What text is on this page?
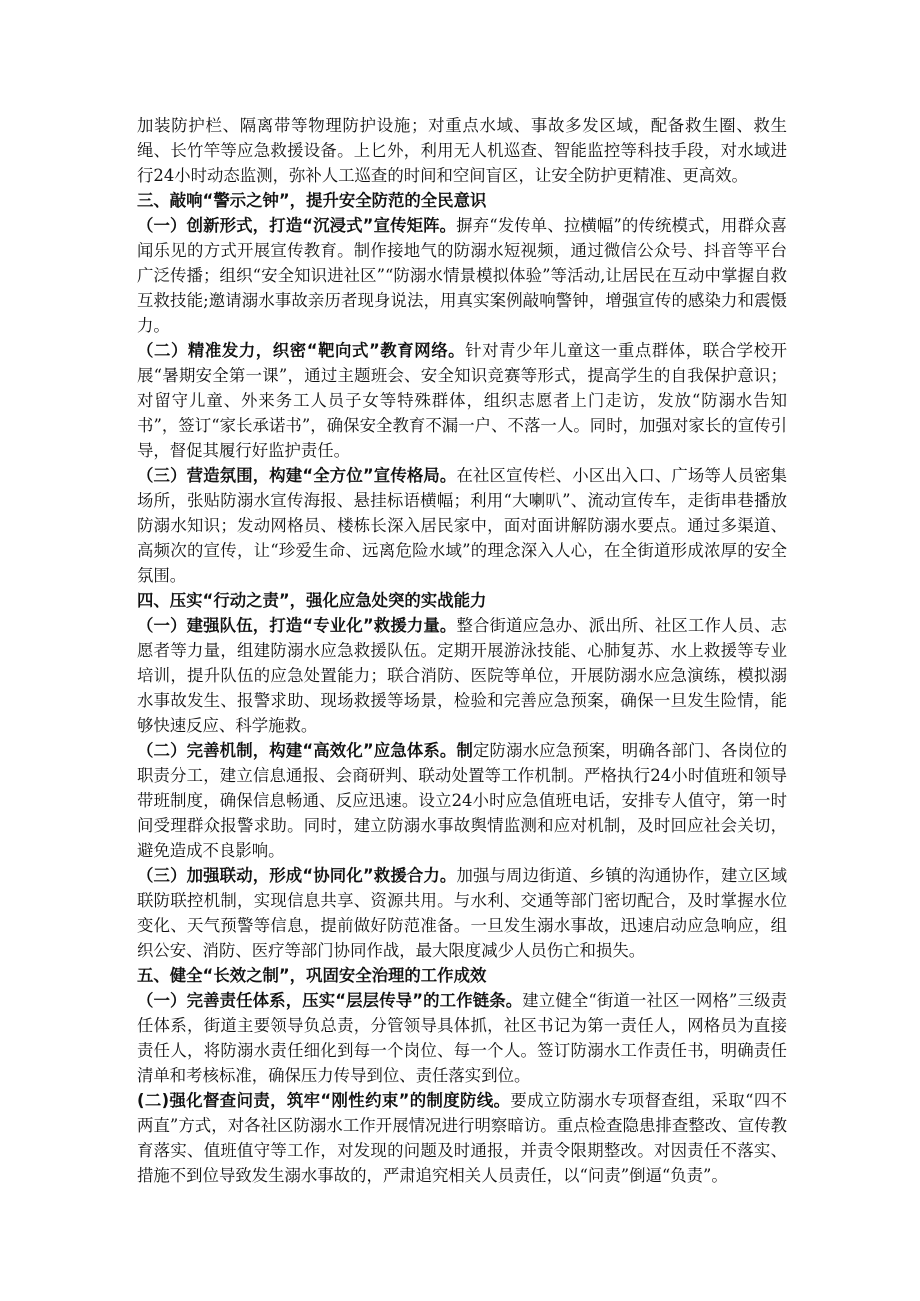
加装防护栏、隔离带等物理防护设施；对重点水域、事故多发区域，配备救生圈、救生绳、长竹竿等应急救援设备。上匕外，利用无人机巡查、智能监控等科技手段，对水域进行24小时动态监测，弥补人工巡查的时间和空间盲区，让安全防护更精准、更高效。

三、敲响“警示之钟”，提升安全防范的全民意识

（一）创新形式，打造“沉浸式”宣传矩阵。摒弃“发传单、拉横幅”的传统模式，用群众喜闻乐见的方式开展宣传教育。制作接地气的防溺水短视频，通过微信公众号、抖音等平台广泛传播；组织“安全知识进社区”“防溺水情景模拟体验”等活动,让居民在互动中掌握自救互救技能;邀请溺水事故亲历者现身说法，用真实案例敲响警钟，增强宣传的感染力和震慑力。

（二）精准发力，织密“靶向式”教育网络。针对青少年儿童这一重点群体，联合学校开展“暑期安全第一课”，通过主题班会、安全知识竞赛等形式，提高学生的自我保护意识；对留守儿童、外来务工人员子女等特殊群体，组织志愿者上门走访，发放“防溺水告知书”，签订“家长承诺书”，确保安全教育不漏一户、不落一人。同时，加强对家长的宣传引导，督促其履行好监护责任。

（三）营造氛围，构建“全方位”宣传格局。在社区宣传栏、小区出入口、广场等人员密集场所，张贴防溺水宣传海报、悬挂标语横幅；利用“大喇叭”、流动宣传车，走街串巷播放防溺水知识；发动网格员、楼栋长深入居民家中，面对面讲解防溺水要点。通过多渠道、高频次的宣传，让“珍爱生命、远离危险水域”的理念深入人心，在全街道形成浓厚的安全氛围。

四、压实“行动之责”，强化应急处突的实战能力

（一）建强队伍，打造“专业化”救援力量。整合街道应急办、派出所、社区工作人员、志愿者等力量，组建防溺水应急救援队伍。定期开展游泳技能、心肺复苏、水上救援等专业培训，提升队伍的应急处置能力；联合消防、医院等单位，开展防溺水应急演练，模拟溺水事故发生、报警求助、现场救援等场景，检验和完善应急预案，确保一旦发生险情，能够快速反应、科学施救。

（二）完善机制，构建“高效化”应急体系。制定防溺水应急预案，明确各部门、各岗位的职责分工，建立信息通报、会商研判、联动处置等工作机制。严格执行24小时值班和领导带班制度，确保信息畅通、反应迅速。设立24小时应急值班电话，安排专人值守，第一时间受理群众报警求助。同时，建立防溺水事故舆情监测和应对机制，及时回应社会关切，避免造成不良影响。

（三）加强联动，形成“协同化”救援合力。加强与周边街道、乡镇的沟通协作，建立区域联防联控机制，实现信息共享、资源共用。与水利、交通等部门密切配合，及时掌握水位变化、天气预警等信息，提前做好防范准备。一旦发生溺水事故，迅速启动应急响应，组织公安、消防、医疗等部门协同作战，最大限度减少人员伤亡和损失。

五、健全“长效之制”，巩固安全治理的工作成效

（一）完善责任体系，压实“层层传导”的工作链条。建立健全“街道一社区一网格”三级责任体系，街道主要领导负总责，分管领导具体抓，社区书记为第一责任人，网格员为直接责任人，将防溺水责任细化到每一个岗位、每一个人。签订防溺水工作责任书，明确责任清单和考核标准，确保压力传导到位、责任落实到位。

(二)强化督查问责，筑牢“刚性约束”的制度防线。要成立防溺水专项督查组，采取“四不两直”方式，对各社区防溺水工作开展情况进行明察暗访。重点检查隐患排查整改、宣传教育落实、值班值守等工作，对发现的问题及时通报，并责令限期整改。对因责任不落实、措施不到位导致发生溺水事故的，严肃追究相关人员责任，以“问责”倒逼“负责”。
